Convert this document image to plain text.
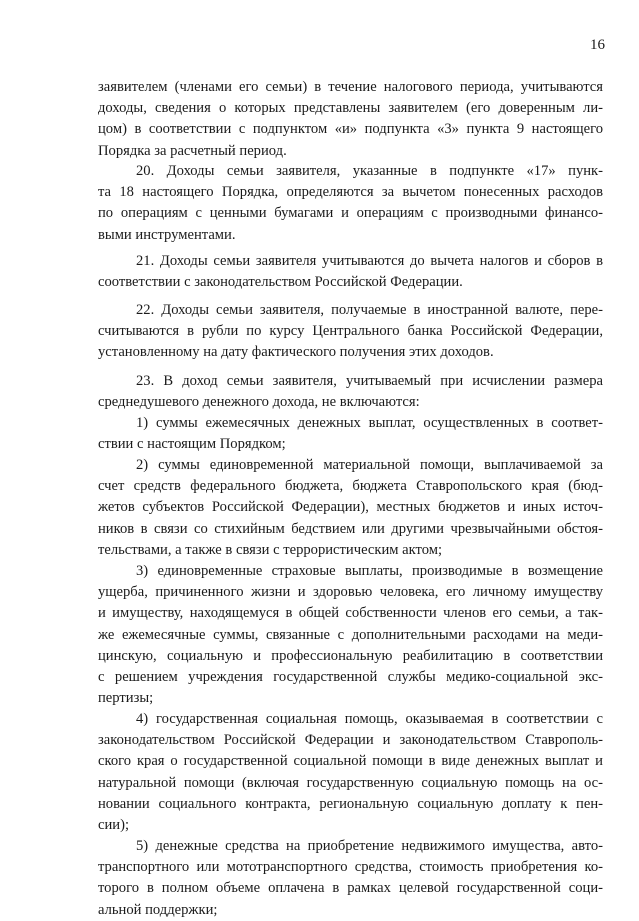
16
заявителем (членами его семьи) в течение налогового периода, учитываются
доходы, сведения о которых представлены заявителем (его доверенным ли-
цом) в соответствии с подпунктом «и» подпункта «3» пункта 9 настоящего
Порядка за расчетный период.
20. Доходы семьи заявителя, указанные в подпункте «17» пунк-
та 18 настоящего Порядка, определяются за вычетом понесенных расходов
по операциям с ценными бумагами и операциям с производными финансо-
выми инструментами.
21. Доходы семьи заявителя учитываются до вычета налогов и сборов в
соответствии с законодательством Российской Федерации.
22. Доходы семьи заявителя, получаемые в иностранной валюте, пере-
считываются в рубли по курсу Центрального банка Российской Федерации,
установленному на дату фактического получения этих доходов.
23. В доход семьи заявителя, учитываемый при исчислении размера
среднедушевого денежного дохода, не включаются:
1) суммы ежемесячных денежных выплат, осуществленных в соответ-
ствии с настоящим Порядком;
2) суммы единовременной материальной помощи, выплачиваемой за
счет средств федерального бюджета, бюджета Ставропольского края (бюд-
жетов субъектов Российской Федерации), местных бюджетов и иных источ-
ников в связи со стихийным бедствием или другими чрезвычайными обстоя-
тельствами, а также в связи с террористическим актом;
3) единовременные страховые выплаты, производимые в возмещение
ущерба, причиненного жизни и здоровью человека, его личному имуществу
и имуществу, находящемуся в общей собственности членов его семьи, а так-
же ежемесячные суммы, связанные с дополнительными расходами на меди-
цинскую, социальную и профессиональную реабилитацию в соответствии
с решением учреждения государственной службы медико-социальной экс-
пертизы;
4) государственная социальная помощь, оказываемая в соответствии с
законодательством Российской Федерации и законодательством Ставрополь-
ского края о государственной социальной помощи в виде денежных выплат и
натуральной помощи (включая государственную социальную помощь на ос-
новании социального контракта, региональную социальную доплату к пен-
сии);
5) денежные средства на приобретение недвижимого имущества, авто-
транспортного или мототранспортного средства, стоимость приобретения ко-
торого в полном объеме оплачена в рамках целевой государственной соци-
альной поддержки;
